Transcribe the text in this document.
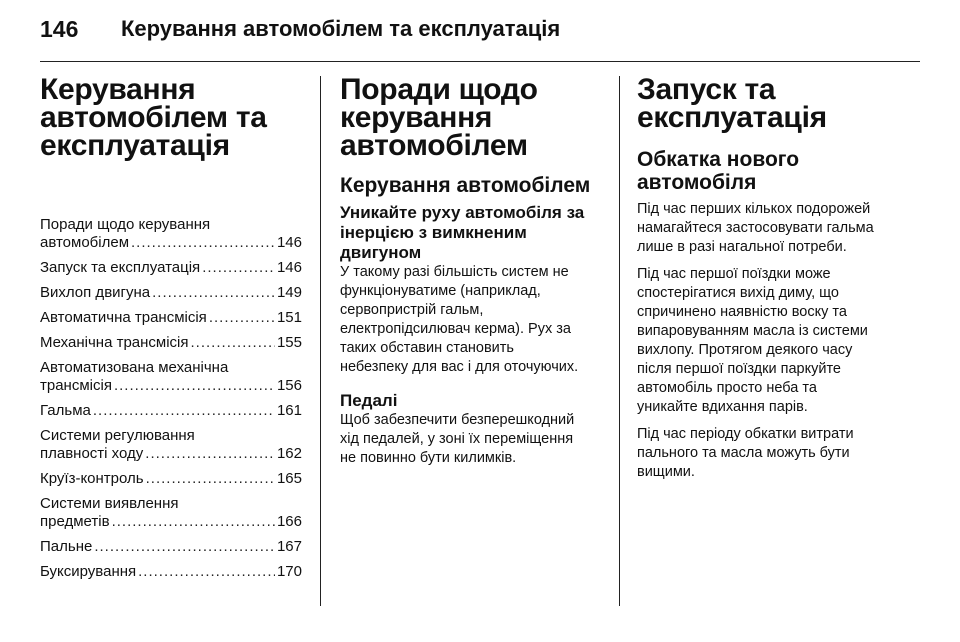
146 Керування автомобілем та експлуатація
Керування
автомобілем та
експлуатація
Поради щодо керування
автомобілем .....	146
Запуск та експлуатація .....	146
Вихлоп двигуна .....	149
Автоматична трансмісія .....	151
Механічна трансмісія .....	155
Автоматизована механічна
трансмісія .....	156
Гальма .....	161
Системи регулювання
плавності ходу .....	162
Круїз-контроль .....	165
Системи виявлення
предметів .....	166
Пальне .....	167
Буксирування .....	170
Поради щодо
керування
автомобілем
Керування автомобілем
Уникайте руху автомобіля за
інерцією з вимкненим
двигуном
У такому разі більшість систем не
функціонуватиме (наприклад,
сервопристрій гальм,
електропідсилювач керма). Рух за
таких обставин становить
небезпеку для вас і для оточуючих.
Педалі
Щоб забезпечити безперешкодний
хід педалей, у зоні їх переміщення
не повинно бути килимків.
Запуск та
експлуатація
Обкатка нового
автомобіля
Під час перших кількох подорожей
намагайтеся застосовувати гальма
лише в разі нагальної потреби.
Під час першої поїздки може
спостерігатися вихід диму, що
спричинено наявністю воску та
випаровуванням масла із системи
вихлопу. Протягом деякого часу
після першої поїздки паркуйте
автомобіль просто неба та
уникайте вдихання парів.
Під час періоду обкатки витрати
пального та масла можуть бути
вищими.
